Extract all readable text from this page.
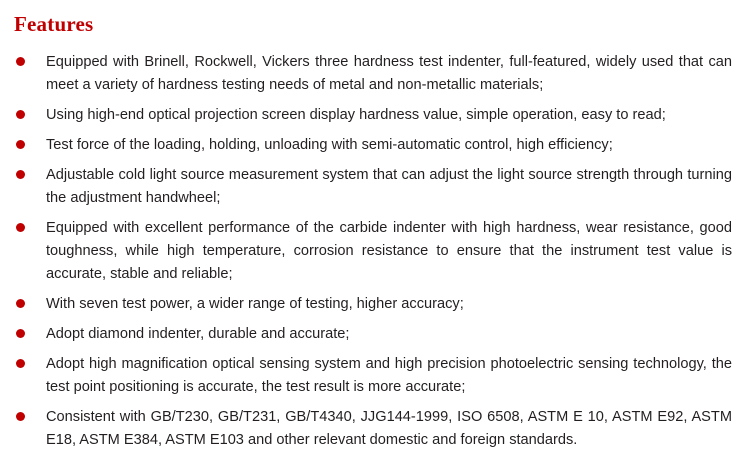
Features
Equipped with Brinell, Rockwell, Vickers three hardness test indenter, full-featured, widely used that can meet a variety of hardness testing needs of metal and non-metallic materials;
Using high-end optical projection screen display hardness value, simple operation, easy to read;
Test force of the loading, holding, unloading with semi-automatic control, high efficiency;
Adjustable cold light source measurement system that can adjust the light source strength through turning the adjustment handwheel;
Equipped with excellent performance of the carbide indenter with high hardness, wear resistance, good toughness, while high temperature, corrosion resistance to ensure that the instrument test value is accurate, stable and reliable;
With seven test power, a wider range of testing, higher accuracy;
Adopt diamond indenter, durable and accurate;
Adopt high magnification optical sensing system and high precision photoelectric sensing technology, the test point positioning is accurate, the test result is more accurate;
Consistent with GB/T230, GB/T231, GB/T4340, JJG144-1999, ISO 6508, ASTM E 10, ASTM E92, ASTM E18, ASTM E384, ASTM E103 and other relevant domestic and foreign standards.
